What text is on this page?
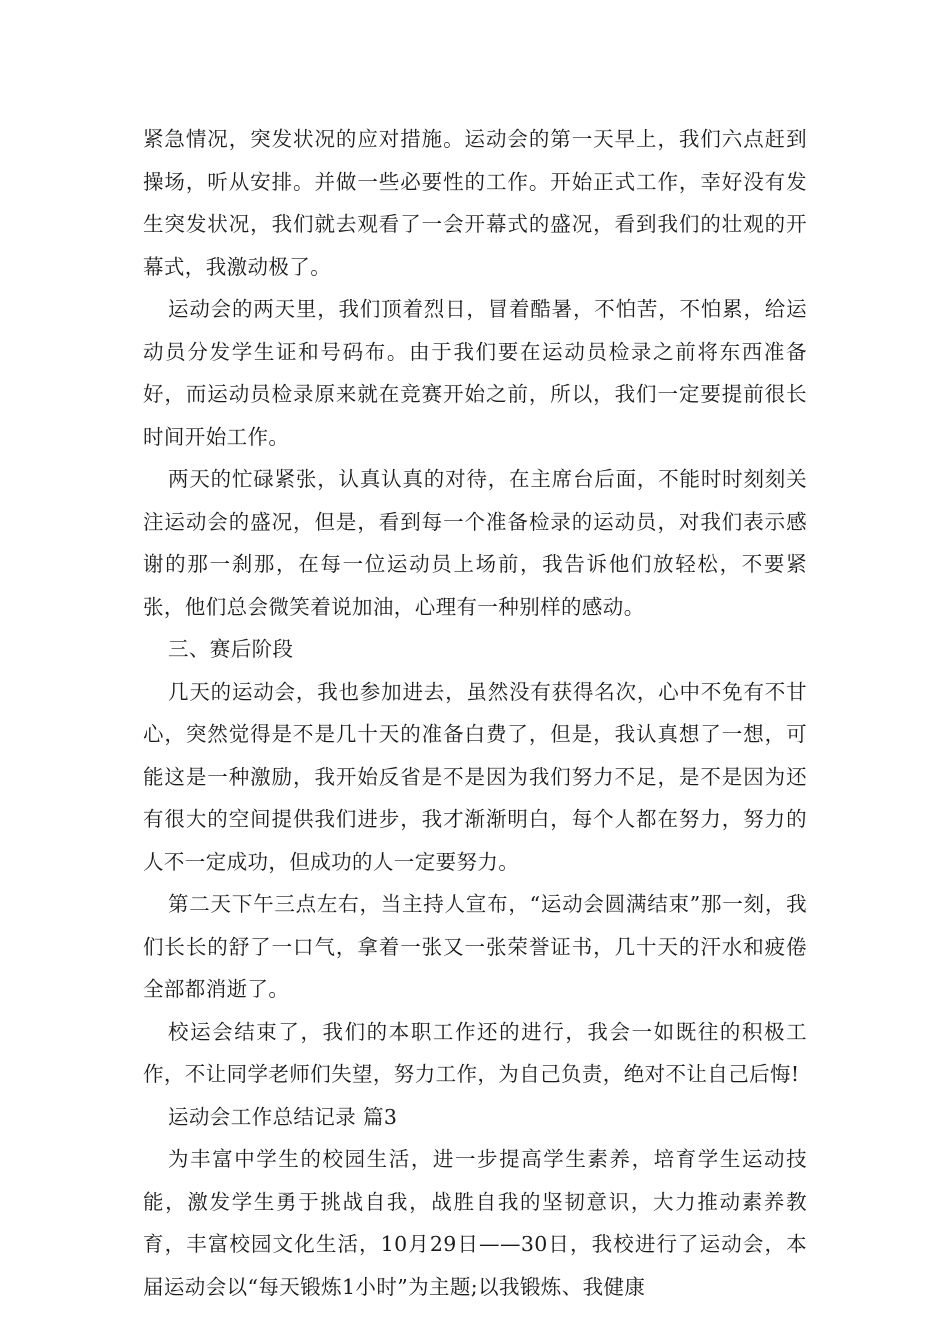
紧急情况，突发状况的应对措施。运动会的第一天早上，我们六点赶到操场，听从安排。并做一些必要性的工作。开始正式工作，幸好没有发生突发状况，我们就去观看了一会开幕式的盛况，看到我们的壮观的开幕式，我激动极了。

运动会的两天里，我们顶着烈日，冒着酷暑，不怕苦，不怕累，给运动员分发学生证和号码布。由于我们要在运动员检录之前将东西准备好，而运动员检录原来就在竞赛开始之前，所以，我们一定要提前很长时间开始工作。

两天的忙碌紧张，认真认真的对待，在主席台后面，不能时时刻刻关注运动会的盛况，但是，看到每一个准备检录的运动员，对我们表示感谢的那一刹那，在每一位运动员上场前，我告诉他们放轻松，不要紧张，他们总会微笑着说加油，心理有一种别样的感动。

三、赛后阶段

几天的运动会，我也参加进去，虽然没有获得名次，心中不免有不甘心，突然觉得是不是几十天的准备白费了，但是，我认真想了一想，可能这是一种激励，我开始反省是不是因为我们努力不足，是不是因为还有很大的空间提供我们进步，我才渐渐明白，每个人都在努力，努力的人不一定成功，但成功的人一定要努力。

第二天下午三点左右，当主持人宣布，“运动会圆满结束”那一刻，我们长长的舒了一口气，拿着一张又一张荣誉证书，几十天的汗水和疲倦全部都消逝了。

校运会结束了，我们的本职工作还的进行，我会一如既往的积极工作，不让同学老师们失望，努力工作，为自己负责，绝对不让自己后悔!

运动会工作总结记录 篇3

为丰富中学生的校园生活，进一步提高学生素养，培育学生运动技能，激发学生勇于挑战自我，战胜自我的坚韧意识，大力推动素养教育，丰富校园文化生活，10月29日——30日，我校进行了运动会，本届运动会以“每天锻炼1小时”为主题;以我锻炼、我健康
